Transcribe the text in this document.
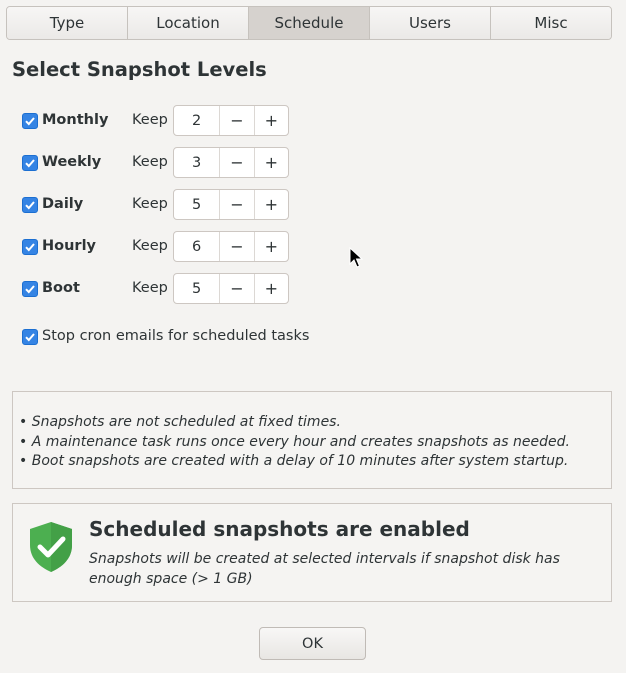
Type	Location	Schedule	Users	Misc
Select Snapshot Levels
Monthly Keep	2	−	+
Weekly Keep	3	−	+
Daily	Keep	5	−	+
Hourly Keep	6	−	+
Boot	Keep	5	−	+
Stop cron emails for scheduled tasks
• Snapshots are not scheduled at fixed times.
• A maintenance task runs once every hour and creates snapshots as needed.
• Boot snapshots are created with a delay of 10 minutes after system startup.
Scheduled snapshots are enabled
Snapshots will be created at selected intervals if snapshot disk has enough space (> 1 GB)
OK
